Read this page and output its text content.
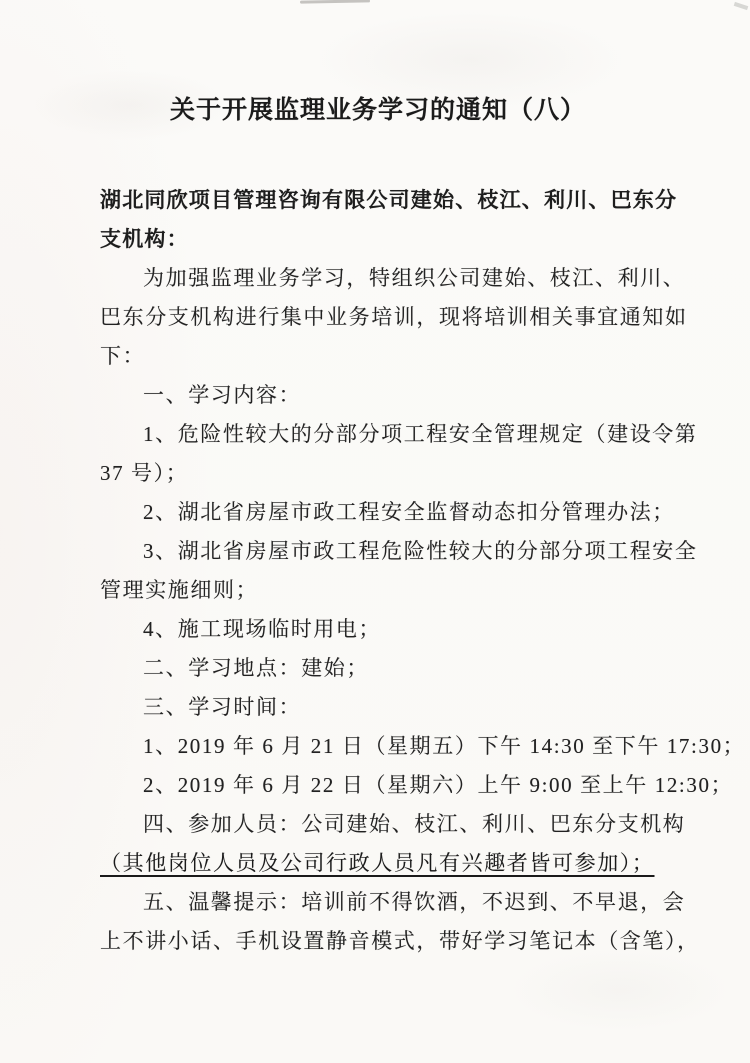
关于开展监理业务学习的通知（八）
湖北同欣项目管理咨询有限公司建始、枝江、利川、巴东分
支机构：
为加强监理业务学习，特组织公司建始、枝江、利川、
巴东分支机构进行集中业务培训，现将培训相关事宜通知如
下：
一、学习内容：
1、危险性较大的分部分项工程安全管理规定（建设令第
37 号）；
2、湖北省房屋市政工程安全监督动态扣分管理办法；
3、湖北省房屋市政工程危险性较大的分部分项工程安全
管理实施细则；
4、施工现场临时用电；
二、学习地点：建始；
三、学习时间：
1、2019 年 6 月 21 日（星期五）下午 14:30 至下午 17:30；
2、2019 年 6 月 22 日（星期六）上午 9:00 至上午 12:30；
四、参加人员：公司建始、枝江、利川、巴东分支机构
（其他岗位人员及公司行政人员凡有兴趣者皆可参加）；
五、温馨提示：培训前不得饮酒，不迟到、不早退，会
上不讲小话、手机设置静音模式，带好学习笔记本（含笔），
